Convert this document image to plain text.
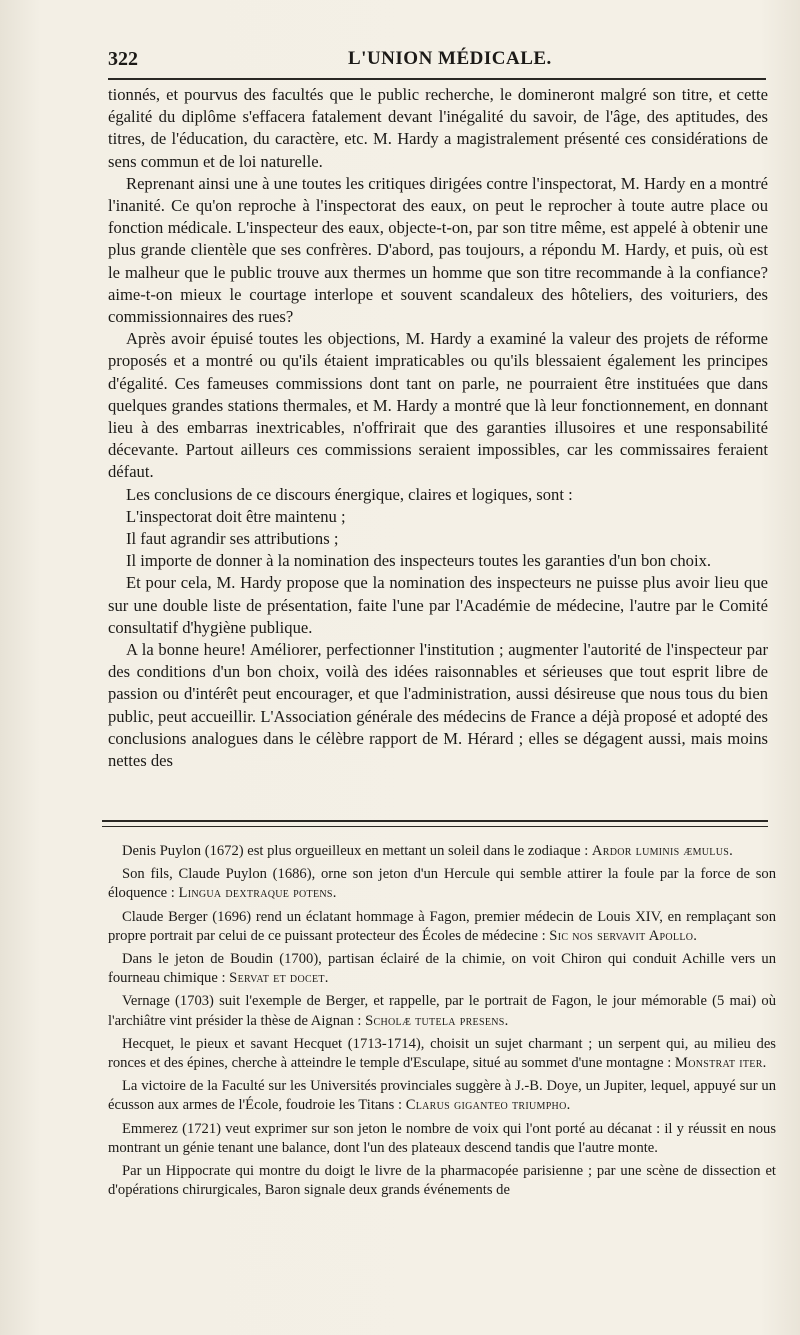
322	L'UNION MÉDICALE.

tionnés, et pourvus des facultés que le public recherche, le domineront malgré son titre, et cette égalité du diplôme s'effacera fatalement devant l'inégalité du savoir, de l'âge, des aptitudes, des titres, de l'éducation, du caractère, etc. M. Hardy a magistralement présenté ces considérations de sens commun et de loi naturelle.

Reprenant ainsi une à une toutes les critiques dirigées contre l'inspectorat, M. Hardy en a montré l'inanité. Ce qu'on reproche à l'inspectorat des eaux, on peut le reprocher à toute autre place ou fonction médicale. L'inspecteur des eaux, objecte-t-on, par son titre même, est appelé à obtenir une plus grande clientèle que ses confrères. D'abord, pas toujours, a répondu M. Hardy, et puis, où est le malheur que le public trouve aux thermes un homme que son titre recommande à la confiance? aime-t-on mieux le courtage interlope et souvent scandaleux des hôteliers, des voituriers, des commissionnaires des rues?

Après avoir épuisé toutes les objections, M. Hardy a examiné la valeur des projets de réforme proposés et a montré ou qu'ils étaient impraticables ou qu'ils blessaient également les principes d'égalité. Ces fameuses commissions dont tant on parle, ne pourraient être instituées que dans quelques grandes stations thermales, et M. Hardy a montré que là leur fonctionnement, en donnant lieu à des embarras inextricables, n'offrirait que des garanties illusoires et une responsabilité décevante. Partout ailleurs ces commissions seraient impossibles, car les commissaires feraient défaut.

Les conclusions de ce discours énergique, claires et logiques, sont :

L'inspectorat doit être maintenu ;

Il faut agrandir ses attributions ;

Il importe de donner à la nomination des inspecteurs toutes les garanties d'un bon choix.

Et pour cela, M. Hardy propose que la nomination des inspecteurs ne puisse plus avoir lieu que sur une double liste de présentation, faite l'une par l'Académie de médecine, l'autre par le Comité consultatif d'hygiène publique.

A la bonne heure! Améliorer, perfectionner l'institution ; augmenter l'autorité de l'inspecteur par des conditions d'un bon choix, voilà des idées raisonnables et sérieuses que tout esprit libre de passion ou d'intérêt peut encourager, et que l'administration, aussi désireuse que nous tous du bien public, peut accueillir. L'Association générale des médecins de France a déjà proposé et adopté des conclusions analogues dans le célèbre rapport de M. Hérard ; elles se dégagent aussi, mais moins nettes des

Denis Puylon (1672) est plus orgueilleux en mettant un soleil dans le zodiaque : Ardor luminis æmulus.

Son fils, Claude Puylon (1686), orne son jeton d'un Hercule qui semble attirer la foule par la force de son éloquence : Lingua dextraque potens.

Claude Berger (1696) rend un éclatant hommage à Fagon, premier médecin de Louis XIV, en remplaçant son propre portrait par celui de ce puissant protecteur des Écoles de médecine : Sic nos servavit Apollo.

Dans le jeton de Boudin (1700), partisan éclairé de la chimie, on voit Chiron qui conduit Achille vers un fourneau chimique : Servat et docet.

Vernage (1703) suit l'exemple de Berger, et rappelle, par le portrait de Fagon, le jour mémorable (5 mai) où l'archiâtre vint présider la thèse de Aignan : Scholæ tutela presens.

Hecquet, le pieux et savant Hecquet (1713-1714), choisit un sujet charmant ; un serpent qui, au milieu des ronces et des épines, cherche à atteindre le temple d'Esculape, situé au sommet d'une montagne : Monstrat iter.

La victoire de la Faculté sur les Universités provinciales suggère à J.-B. Doye, un Jupiter, lequel, appuyé sur un écusson aux armes de l'École, foudroie les Titans : Clarus giganteo triumpho.

Emmerez (1721) veut exprimer sur son jeton le nombre de voix qui l'ont porté au décanat : il y réussit en nous montrant un génie tenant une balance, dont l'un des plateaux descend tandis que l'autre monte.

Par un Hippocrate qui montre du doigt le livre de la pharmacopée parisienne ; par une scène de dissection et d'opérations chirurgicales, Baron signale deux grands événements de
